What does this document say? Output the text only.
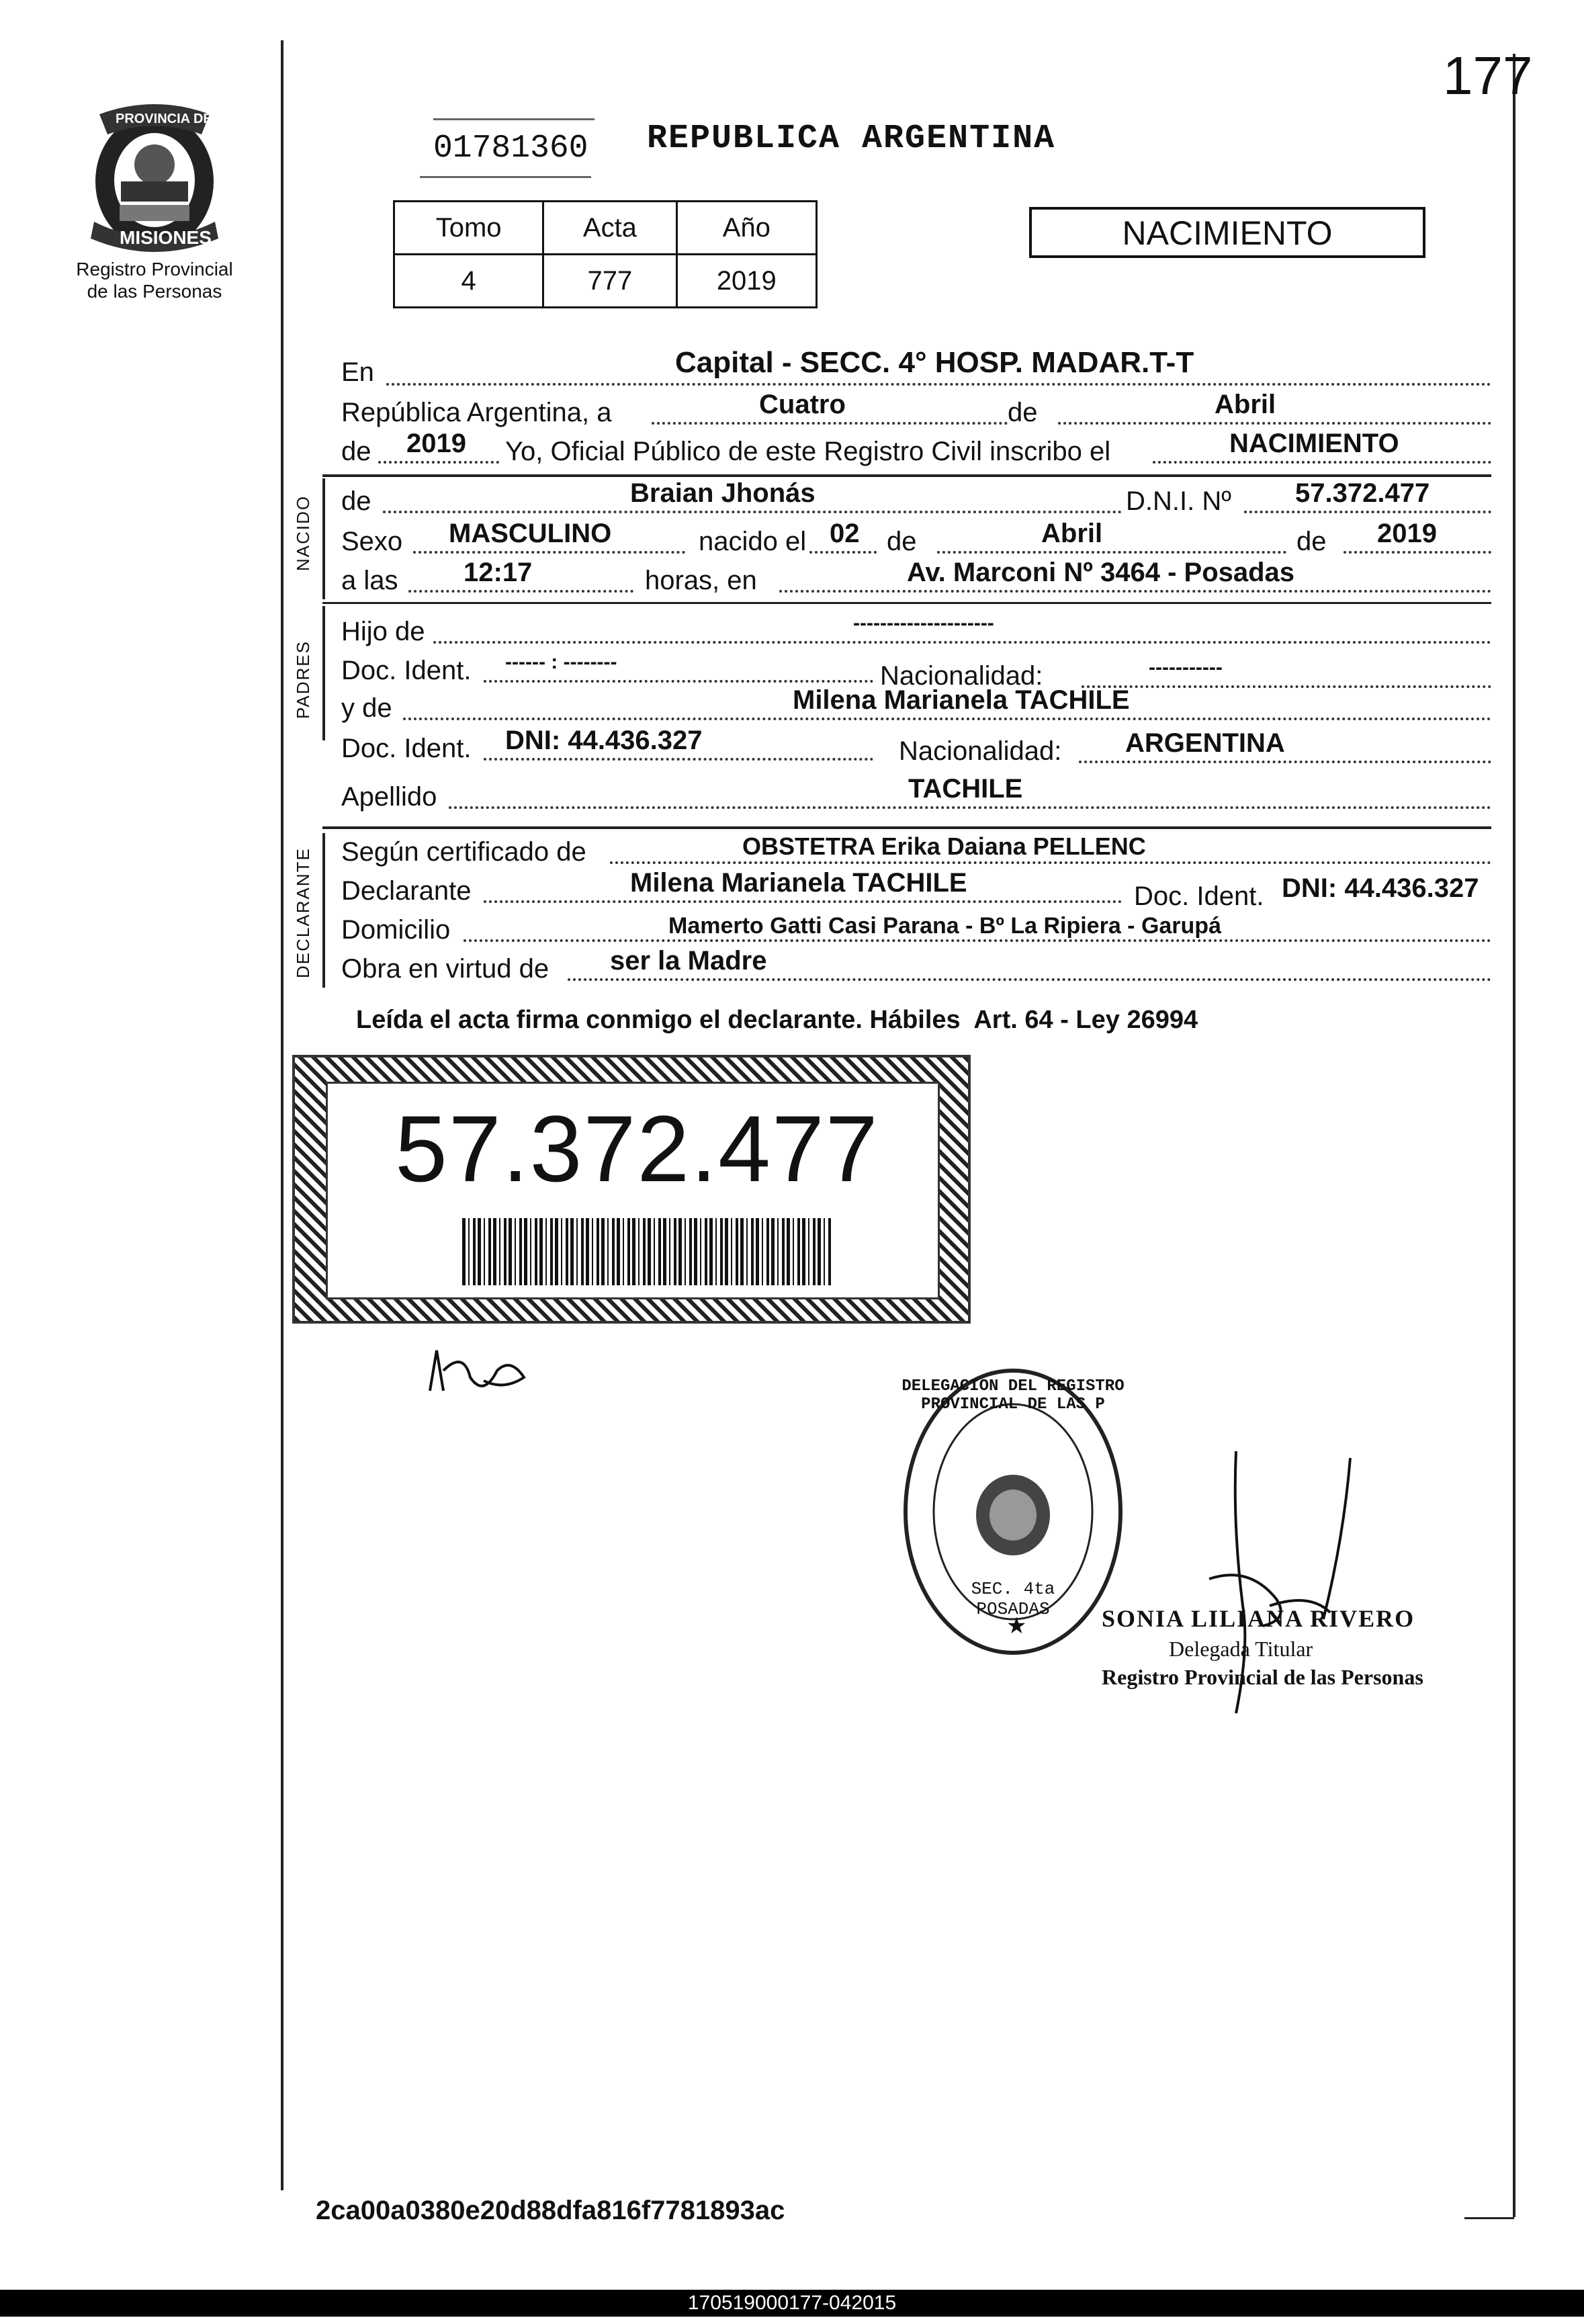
177
PROVINCIA DE
MISIONES
Registro Provincial
de las Personas
01781360 REPUBLICA ARGENTINA
Tomo	Acta	Año
4	777	2019
NACIMIENTO
En	Capital - SECC. 4° HOSP. MADAR.T-T
República Argentina, a	Cuatro	de	Abril
de 2019 Yo, Oficial Público de este Registro Civil inscribo el	NACIMIENTO
NACIDO de	Braian Jhonás	D.N.I. Nº 57.372.477
Sexo MASCULINO	nacido el 02 de	Abril	de 2019
a las 12:17	horas, en	Av. Marconi Nº 3464 - Posadas
PADRES
Hijo de	---------------------
Doc. Ident. ------ : --------	Nacionalidad:	-----------
y de	Milena Marianela TACHILE
Doc. Ident. DNI: 44.436.327	Nacionalidad: ARGENTINA
Apellido	TACHILE
DECLARANTE Según certificado de	OBSTETRA Erika Daiana PELLENC
Declarante	Milena Marianela TACHILE	Doc. Ident. DNI: 44.436.327
Domicilio	Mamerto Gatti Casi Parana - Bº La Ripiera - Garupá
Obra en virtud de ser la Madre
Leída el acta firma conmigo el declarante. Hábiles  Art. 64 - Ley 26994
57.372.477
DELEGACION DEL REGISTRO PROVINCIAL DE LAS P
SEC. 4ta POSADAS
★	SONIA LILIANA RIVERO
Delegada Titular
Registro Provincial de las Personas
2ca00a0380e20d88dfa816f7781893ac
170519000177-042015
